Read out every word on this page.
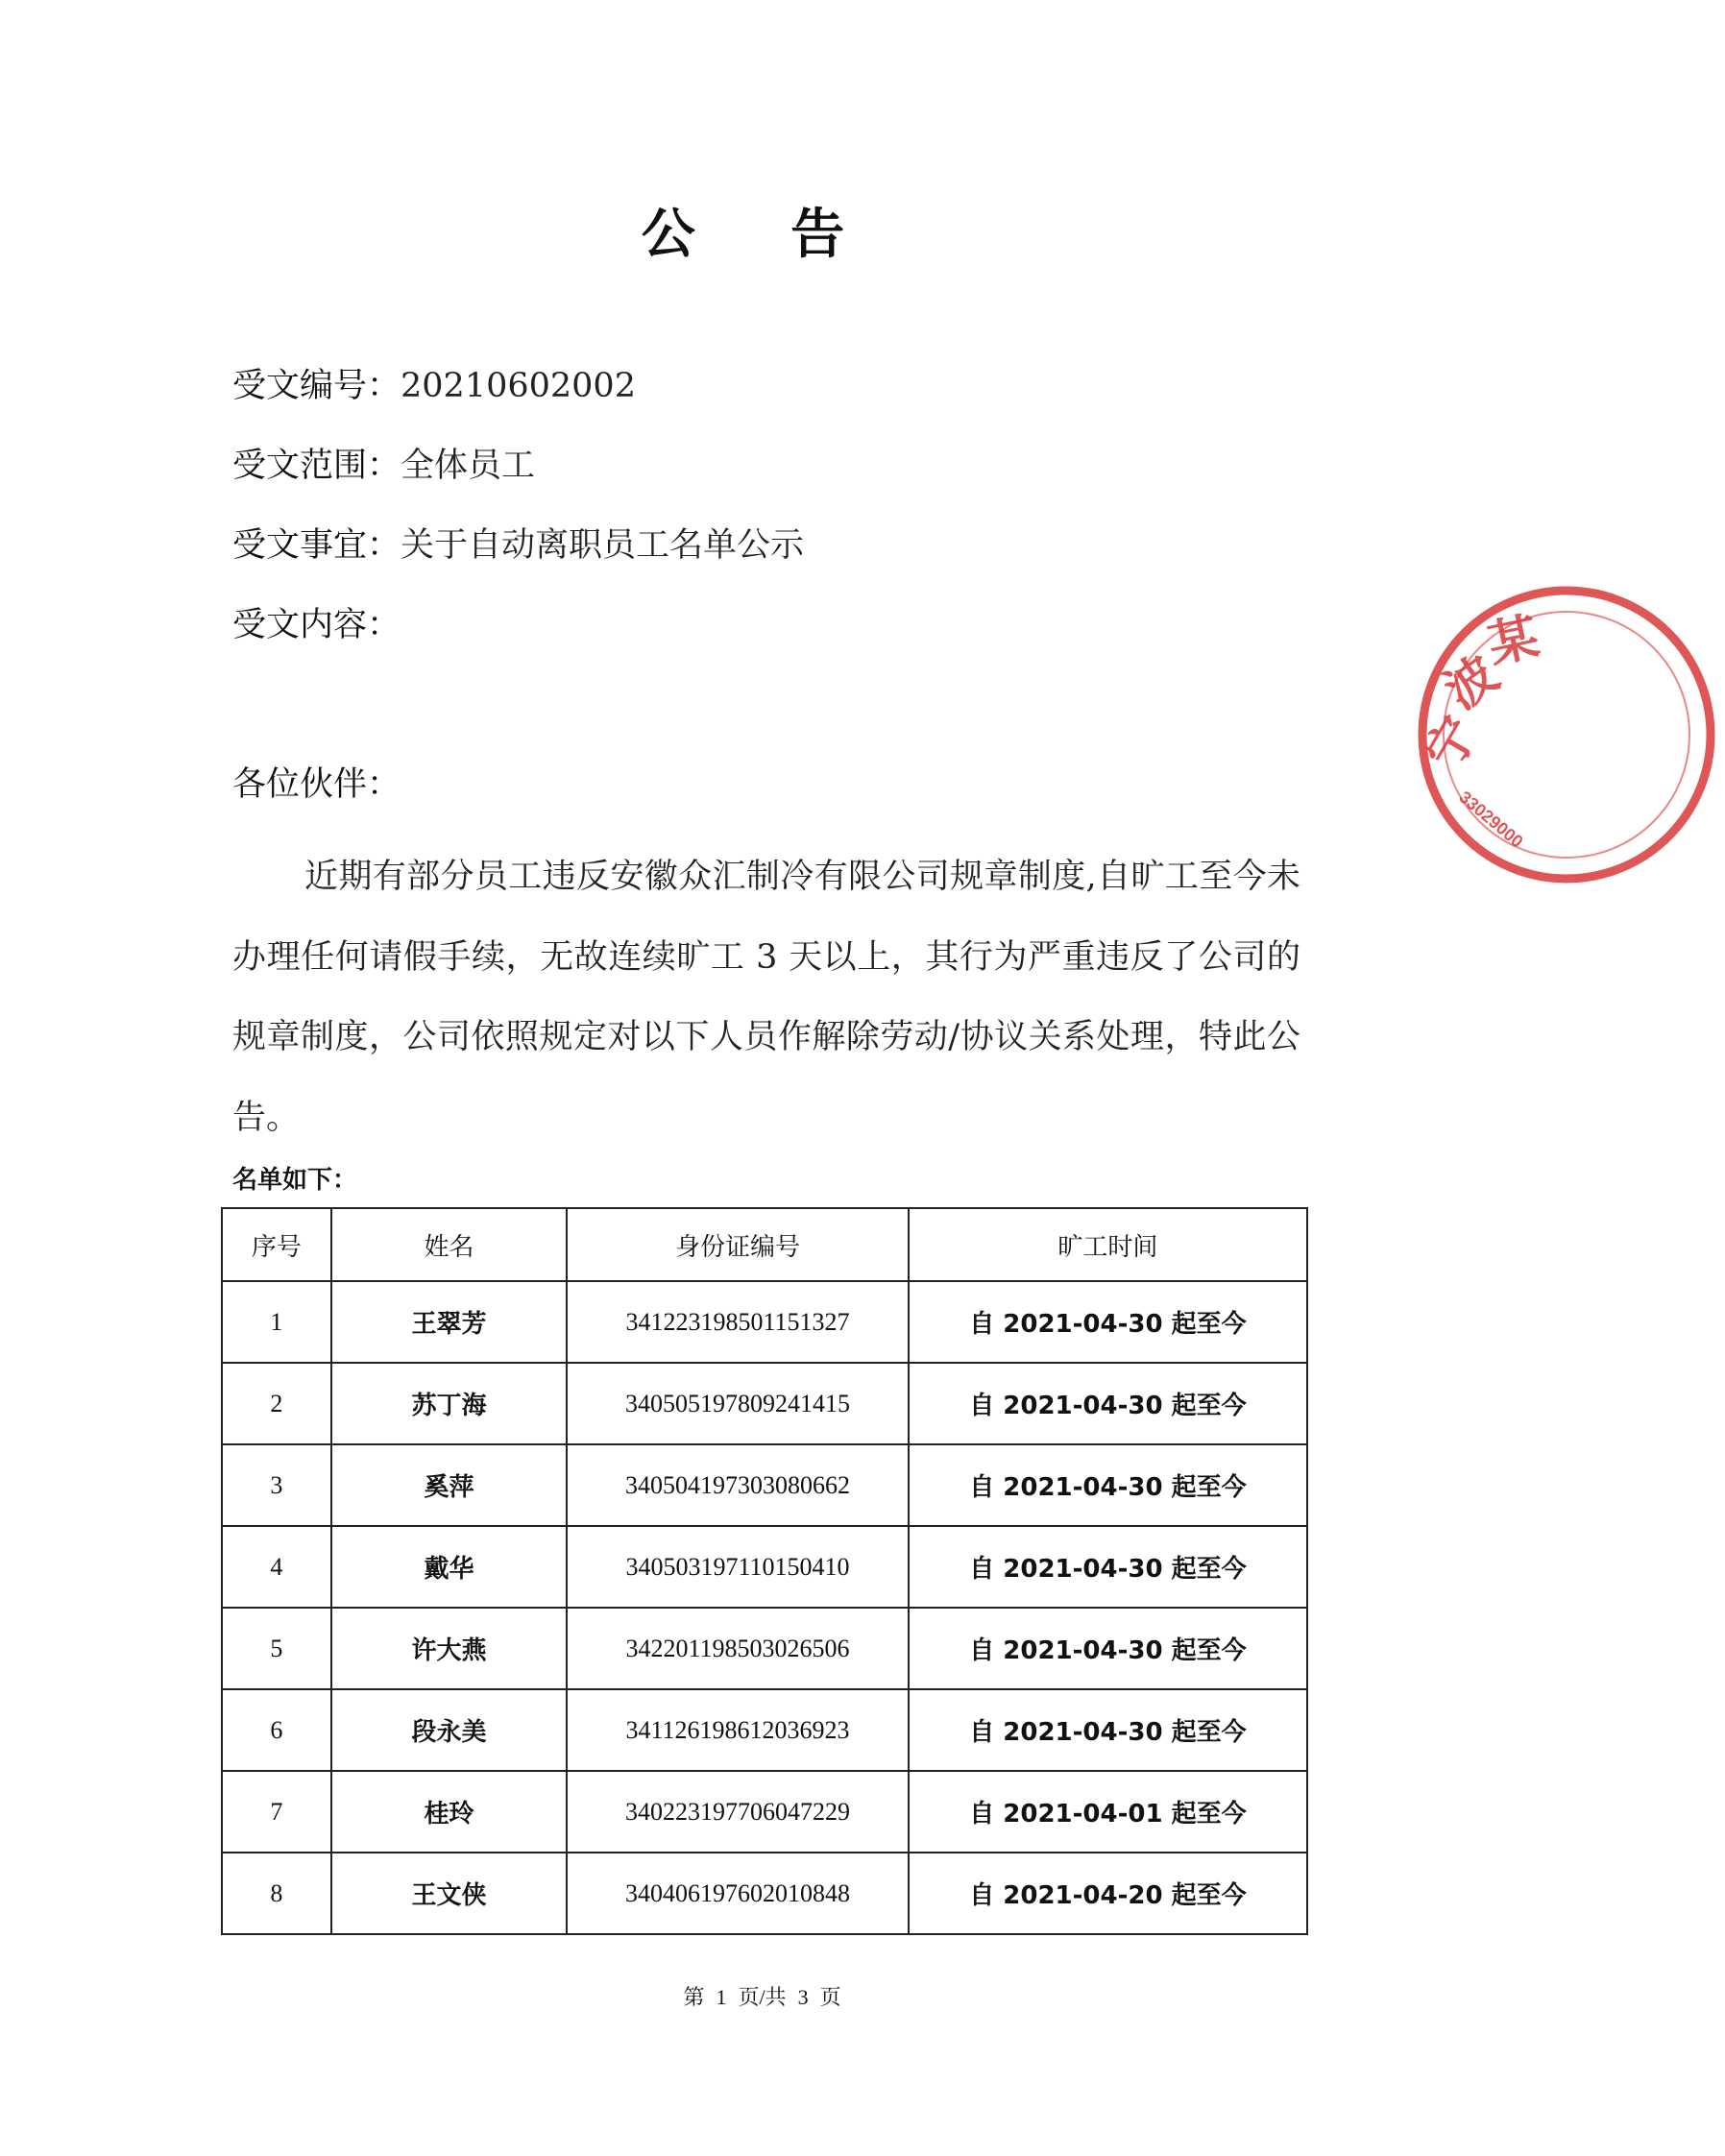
公 告
受文编号：20210602002
受文范围：全体员工
受文事宜：关于自动离职员工名单公示
受文内容：
各位伙伴：
近期有部分员工违反安徽众汇制冷有限公司规章制度,自旷工至今未办理任何请假手续，无故连续旷工 3 天以上，其行为严重违反了公司的规章制度，公司依照规定对以下人员作解除劳动/协议关系处理，特此公告。
名单如下：
序号	姓名	身份证编号	旷工时间
1	王翠芳	341223198501151327	自 2021-04-30 起至今
2	苏丁海	340505197809241415	自 2021-04-30 起至今
3	奚萍	340504197303080662	自 2021-04-30 起至今
4	戴华	340503197110150410	自 2021-04-30 起至今
5	许大燕	342201198503026506	自 2021-04-30 起至今
6	段永美	341126198612036923	自 2021-04-30 起至今
7	桂玲	340223197706047229	自 2021-04-01 起至今
8	王文侠	340406197602010848	自 2021-04-20 起至今
第 1 页/共 3 页
宁
波
某
33029000
